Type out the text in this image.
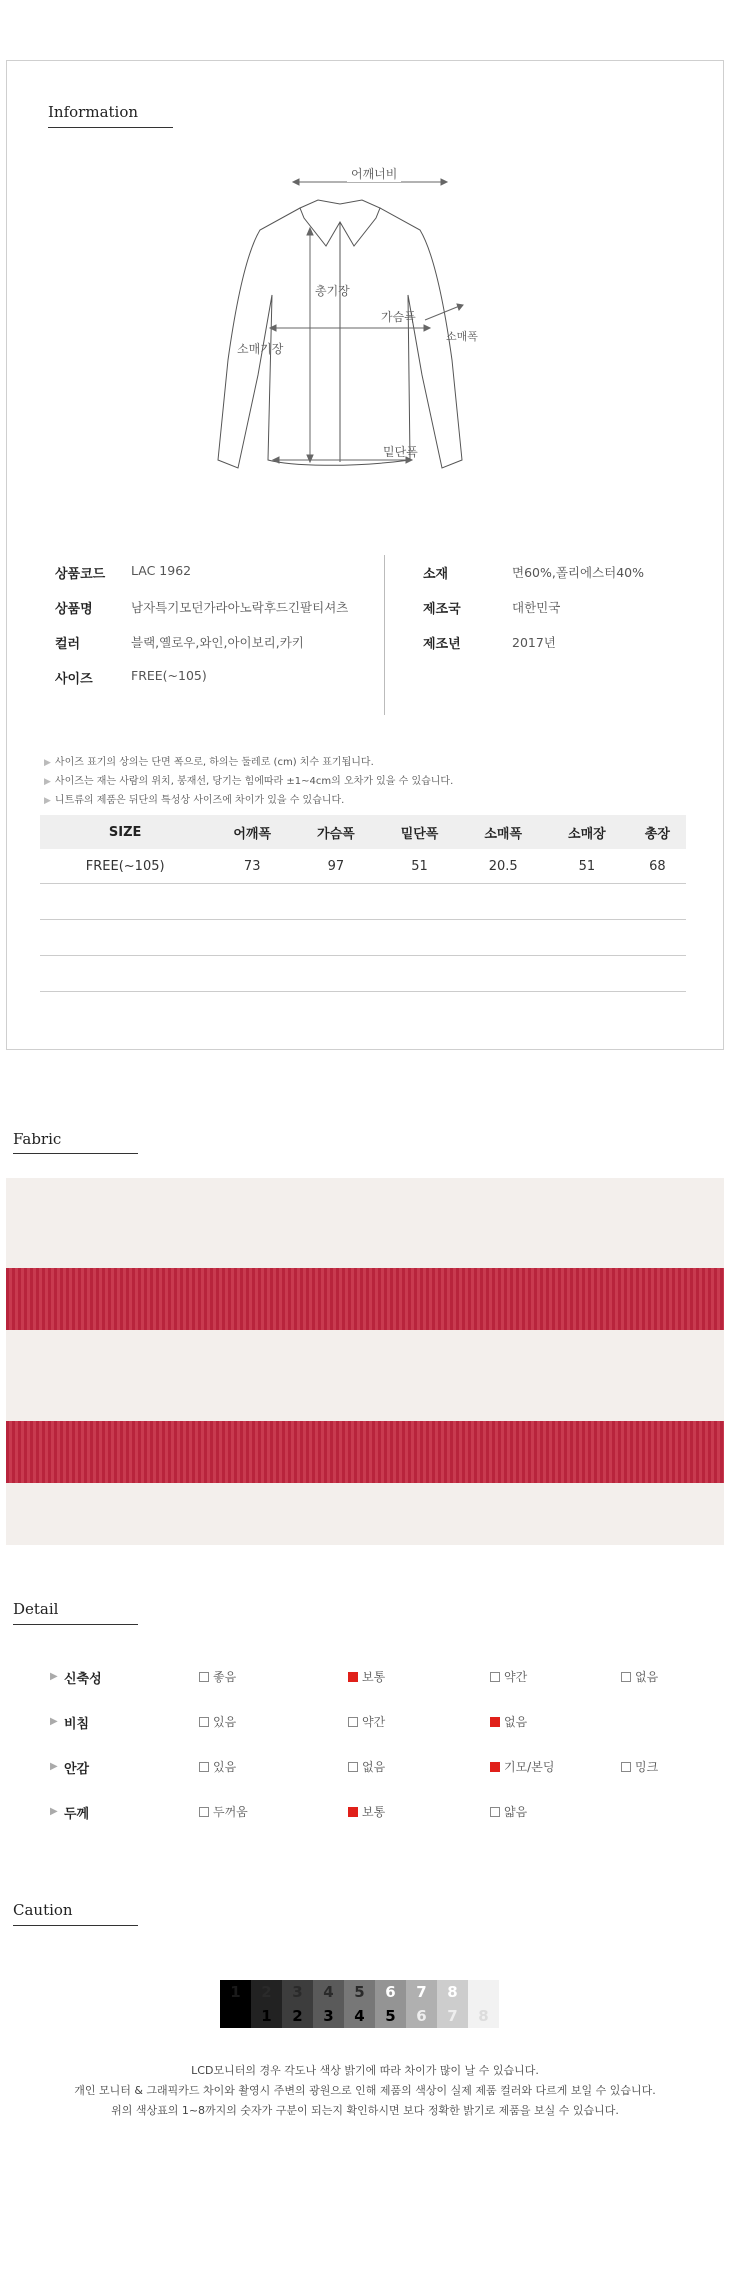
Information
어깨너비
총기장
가슴폭
소매폭
소매기장
밑단폭
상품코드 LAC 1962
상품명	남자특기모던가라아노락후드긴팔티셔츠
컬러	블랙,옐로우,와인,아이보리,카키
사이즈	FREE(~105)
소재	면60%,폴리에스터40%
제조국	대한민국
제조년	2017년
▶ 사이즈 표기의 상의는 단면 폭으로, 하의는 둘레로 (cm) 치수 표기됩니다.
▶ 사이즈는 재는 사람의 위치, 봉재선, 당기는 힘에따라 ±1~4cm의 오차가 있을 수 있습니다.
▶ 니트류의 제품은 뒤단의 특성상 사이즈에 차이가 있을 수 있습니다.
SIZE	어깨폭	가슴폭	밑단폭	소매폭	소매장	총장
FREE(~105)	73	97	51	20.5	51	68

Fabric
Detail
▶ 신축성	좋음	보통	약간	없음
▶ 비침	있음	약간	없음
▶ 안감	있음	없음	기모/본딩	밍크
▶ 두께	두꺼움	보통	얇음
Caution
1	2	3	4	5	6	7	8
1	2	3	4	5	6	7	8
LCD모니터의 경우 각도나 색상 밝기에 따라 차이가 많이 날 수 있습니다.
개인 모니터 & 그래픽카드 차이와 촬영시 주변의 광원으로 인해 제품의 색상이 실제 제품 컬러와 다르게 보일 수 있습니다.
위의 색상표의 1~8까지의 숫자가 구분이 되는지 확인하시면 보다 정확한 밝기로 제품을 보실 수 있습니다.
